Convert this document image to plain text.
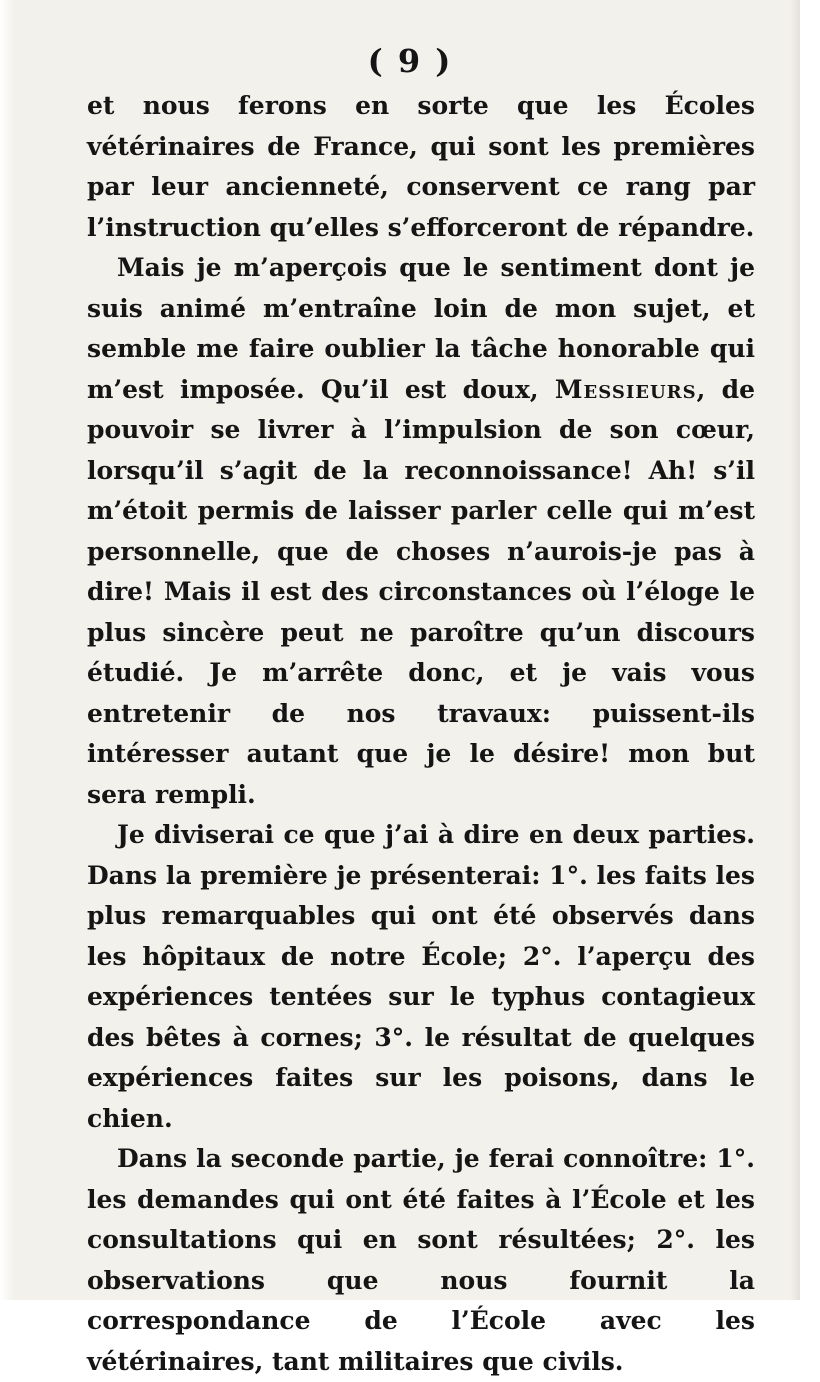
( 9 )

et nous ferons en sorte que les Écoles vétérinaires de France, qui sont les premières par leur ancienneté, conservent ce rang par l’instruction qu’elles s’efforceront de répandre.

Mais je m’aperçois que le sentiment dont je suis animé m’entraîne loin de mon sujet, et semble me faire oublier la tâche honorable qui m’est imposée. Qu’il est doux, Messieurs, de pouvoir se livrer à l’impulsion de son cœur, lorsqu’il s’agit de la reconnoissance! Ah! s’il m’étoit permis de laisser parler celle qui m’est personnelle, que de choses n’aurois-je pas à dire! Mais il est des circonstances où l’éloge le plus sincère peut ne paroître qu’un discours étudié. Je m’arrête donc, et je vais vous entretenir de nos travaux: puissent-ils intéresser autant que je le désire! mon but sera rempli.

Je diviserai ce que j’ai à dire en deux parties. Dans la première je présenterai: 1°. les faits les plus remarquables qui ont été observés dans les hôpitaux de notre École; 2°. l’aperçu des expériences tentées sur le typhus contagieux des bêtes à cornes; 3°. le résultat de quelques expériences faites sur les poisons, dans le chien.

Dans la seconde partie, je ferai connoître: 1°. les demandes qui ont été faites à l’École et les consultations qui en sont résultées; 2°. les observations que nous fournit la correspondance de l’École avec les vétérinaires, tant militaires que civils.
